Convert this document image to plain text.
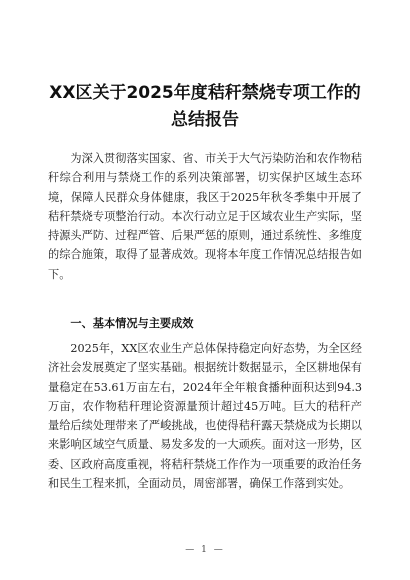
XX区关于2025年度秸秆禁烧专项工作的
总结报告

为深入贯彻落实国家、省、市关于大气污染防治和农作物秸秆综合利用与禁烧工作的系列决策部署，切实保护区域生态环境，保障人民群众身体健康，我区于2025年秋冬季集中开展了秸秆禁烧专项整治行动。本次行动立足于区域农业生产实际，坚持源头严防、过程严管、后果严惩的原则，通过系统性、多维度的综合施策，取得了显著成效。现将本年度工作情况总结报告如下。

一、基本情况与主要成效

2025年，XX区农业生产总体保持稳定向好态势，为全区经济社会发展奠定了坚实基础。根据统计数据显示，全区耕地保有量稳定在53.61万亩左右，2024年全年粮食播种面积达到94.3万亩，农作物秸秆理论资源量预计超过45万吨。巨大的秸秆产量给后续处理带来了严峻挑战，也使得秸秆露天禁烧成为长期以来影响区域空气质量、易发多发的一大顽疾。面对这一形势，区委、区政府高度重视，将秸秆禁烧工作作为一项重要的政治任务和民生工程来抓，全面动员，周密部署，确保工作落到实处。

— 1 —
